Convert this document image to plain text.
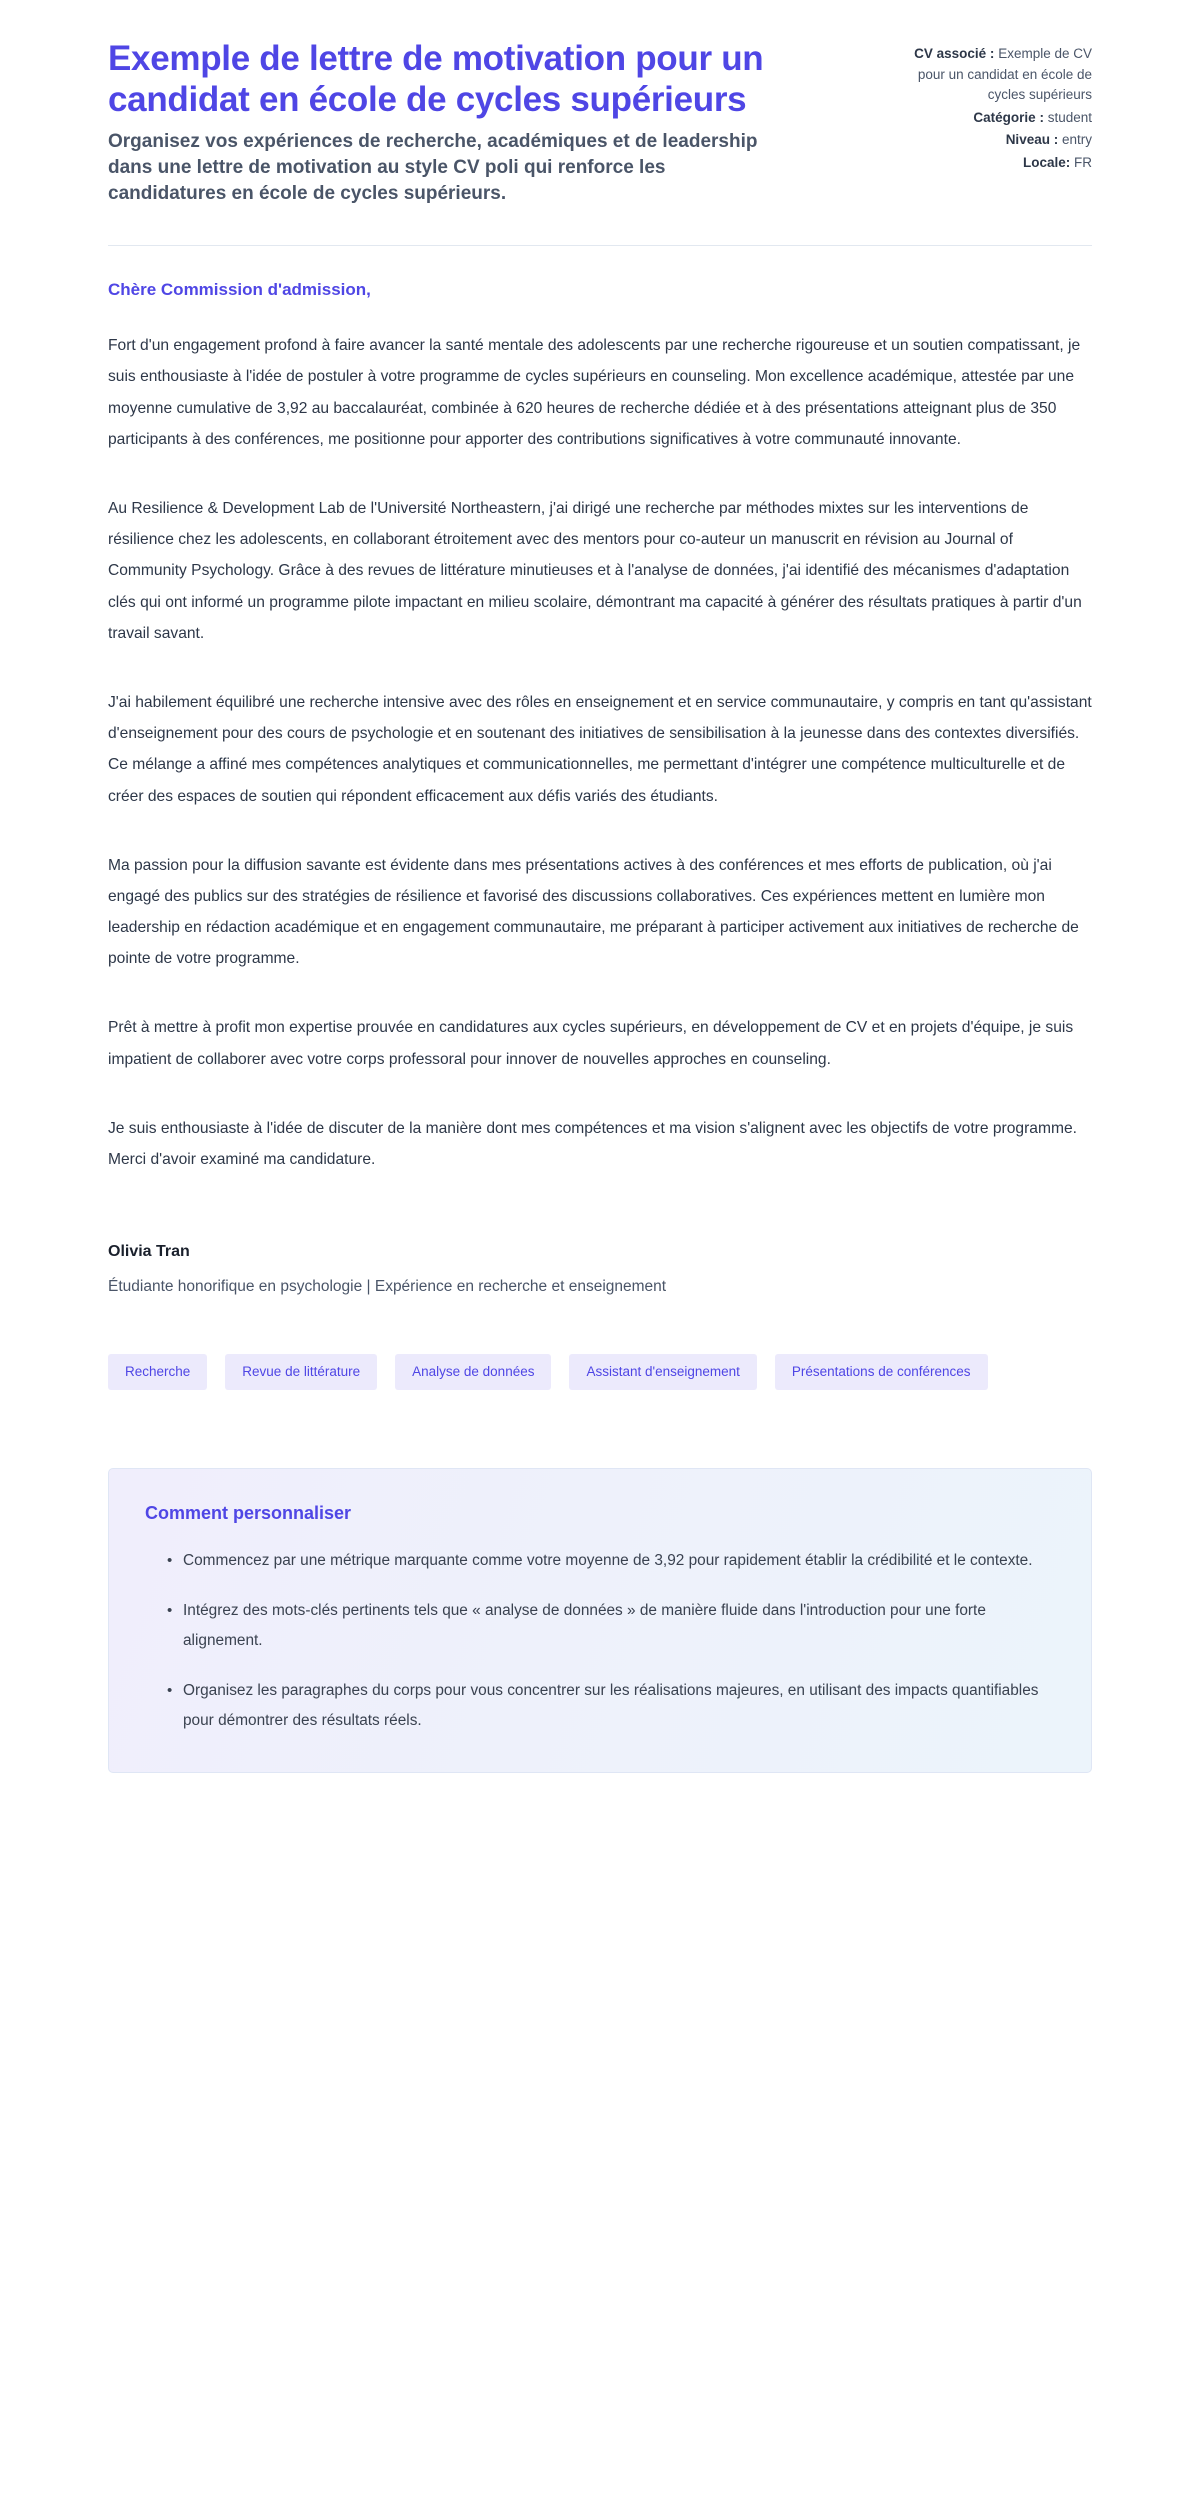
Exemple de lettre de motivation pour un candidat en école de cycles supérieurs

Organisez vos expériences de recherche, académiques et de leadership dans une lettre de motivation au style CV poli qui renforce les candidatures en école de cycles supérieurs.

CV associé : Exemple de CV pour un candidat en école de cycles supérieurs
Catégorie : student
Niveau : entry
Locale: FR

Chère Commission d'admission,

Fort d'un engagement profond à faire avancer la santé mentale des adolescents par une recherche rigoureuse et un soutien compatissant, je suis enthousiaste à l'idée de postuler à votre programme de cycles supérieurs en counseling. Mon excellence académique, attestée par une moyenne cumulative de 3,92 au baccalauréat, combinée à 620 heures de recherche dédiée et à des présentations atteignant plus de 350 participants à des conférences, me positionne pour apporter des contributions significatives à votre communauté innovante.

Au Resilience & Development Lab de l'Université Northeastern, j'ai dirigé une recherche par méthodes mixtes sur les interventions de résilience chez les adolescents, en collaborant étroitement avec des mentors pour co-auteur un manuscrit en révision au Journal of Community Psychology. Grâce à des revues de littérature minutieuses et à l'analyse de données, j'ai identifié des mécanismes d'adaptation clés qui ont informé un programme pilote impactant en milieu scolaire, démontrant ma capacité à générer des résultats pratiques à partir d'un travail savant.

J'ai habilement équilibré une recherche intensive avec des rôles en enseignement et en service communautaire, y compris en tant qu'assistant d'enseignement pour des cours de psychologie et en soutenant des initiatives de sensibilisation à la jeunesse dans des contextes diversifiés. Ce mélange a affiné mes compétences analytiques et communicationnelles, me permettant d'intégrer une compétence multiculturelle et de créer des espaces de soutien qui répondent efficacement aux défis variés des étudiants.

Ma passion pour la diffusion savante est évidente dans mes présentations actives à des conférences et mes efforts de publication, où j'ai engagé des publics sur des stratégies de résilience et favorisé des discussions collaboratives. Ces expériences mettent en lumière mon leadership en rédaction académique et en engagement communautaire, me préparant à participer activement aux initiatives de recherche de pointe de votre programme.

Prêt à mettre à profit mon expertise prouvée en candidatures aux cycles supérieurs, en développement de CV et en projets d'équipe, je suis impatient de collaborer avec votre corps professoral pour innover de nouvelles approches en counseling.

Je suis enthousiaste à l'idée de discuter de la manière dont mes compétences et ma vision s'alignent avec les objectifs de votre programme. Merci d'avoir examiné ma candidature.

Olivia Tran

Étudiante honorifique en psychologie | Expérience en recherche et enseignement

Recherche	Revue de littérature	Analyse de données	Assistant d'enseignement	Présentations de conférences

Comment personnaliser

• Commencez par une métrique marquante comme votre moyenne de 3,92 pour rapidement établir la crédibilité et le contexte.
• Intégrez des mots-clés pertinents tels que « analyse de données » de manière fluide dans l'introduction pour une forte alignement.
• Organisez les paragraphes du corps pour vous concentrer sur les réalisations majeures, en utilisant des impacts quantifiables pour démontrer des résultats réels.
